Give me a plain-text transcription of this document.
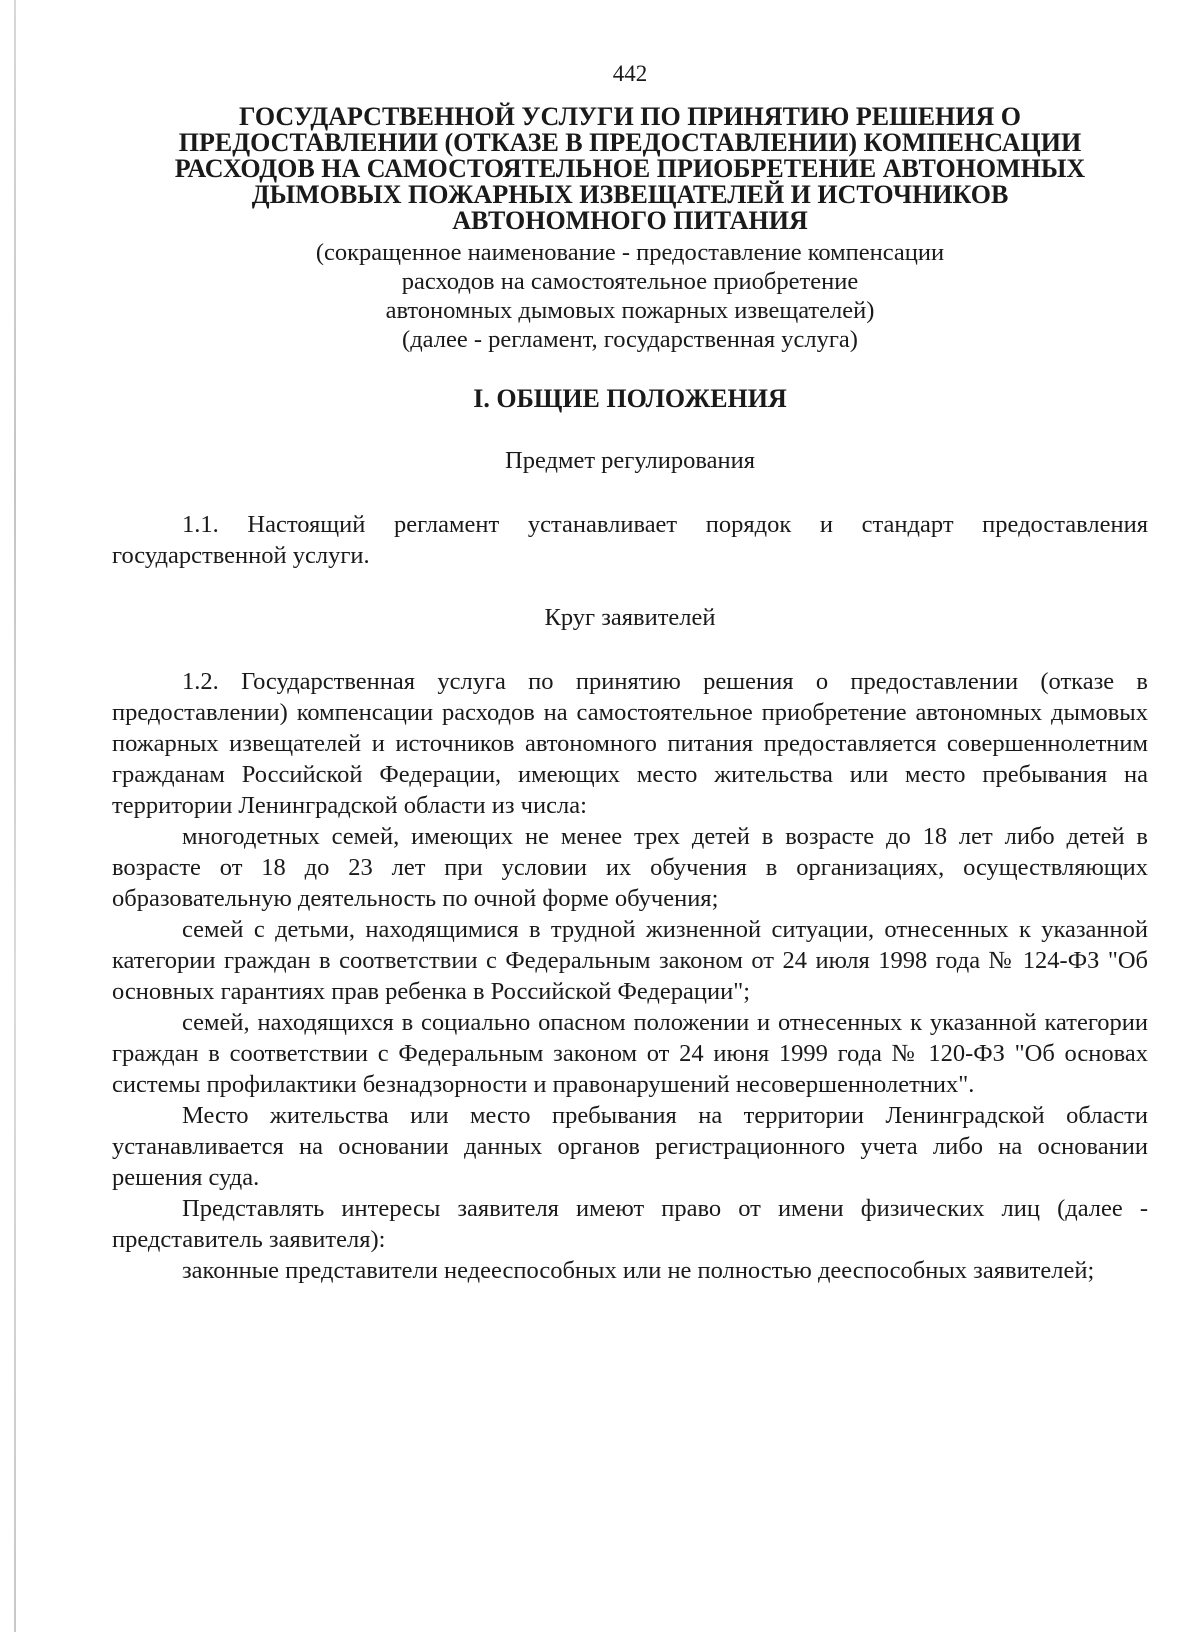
442
ГОСУДАРСТВЕННОЙ УСЛУГИ ПО ПРИНЯТИЮ РЕШЕНИЯ О
ПРЕДОСТАВЛЕНИИ (ОТКАЗЕ В ПРЕДОСТАВЛЕНИИ) КОМПЕНСАЦИИ
РАСХОДОВ НА САМОСТОЯТЕЛЬНОЕ ПРИОБРЕТЕНИЕ АВТОНОМНЫХ
ДЫМОВЫХ ПОЖАРНЫХ ИЗВЕЩАТЕЛЕЙ И ИСТОЧНИКОВ
АВТОНОМНОГО ПИТАНИЯ
(сокращенное наименование - предоставление компенсации
расходов на самостоятельное приобретение
автономных дымовых пожарных извещателей)
(далее - регламент, государственная услуга)
I. ОБЩИЕ ПОЛОЖЕНИЯ
Предмет регулирования

1.1. Настоящий регламент устанавливает порядок и стандарт предоставления государственной услуги.

Круг заявителей

1.2. Государственная услуга по принятию решения о предоставлении (отказе в предоставлении) компенсации расходов на самостоятельное приобретение автономных дымовых пожарных извещателей и источников автономного питания предоставляется совершеннолетним гражданам Российской Федерации, имеющих место жительства или место пребывания на территории Ленинградской области из числа:

многодетных семей, имеющих не менее трех детей в возрасте до 18 лет либо детей в возрасте от 18 до 23 лет при условии их обучения в организациях, осуществляющих образовательную деятельность по очной форме обучения;

семей с детьми, находящимися в трудной жизненной ситуации, отнесенных к указанной категории граждан в соответствии с Федеральным законом от 24 июля 1998 года № 124-ФЗ "Об основных гарантиях прав ребенка в Российской Федерации";

семей, находящихся в социально опасном положении и отнесенных к указанной категории граждан в соответствии с Федеральным законом от 24 июня 1999 года № 120-ФЗ "Об основах системы профилактики безнадзорности и правонарушений несовершеннолетних".

Место жительства или место пребывания на территории Ленинградской области устанавливается на основании данных органов регистрационного учета либо на основании решения суда.

Представлять интересы заявителя имеют право от имени физических лиц (далее - представитель заявителя):

законные представители недееспособных или не полностью дееспособных заявителей;
